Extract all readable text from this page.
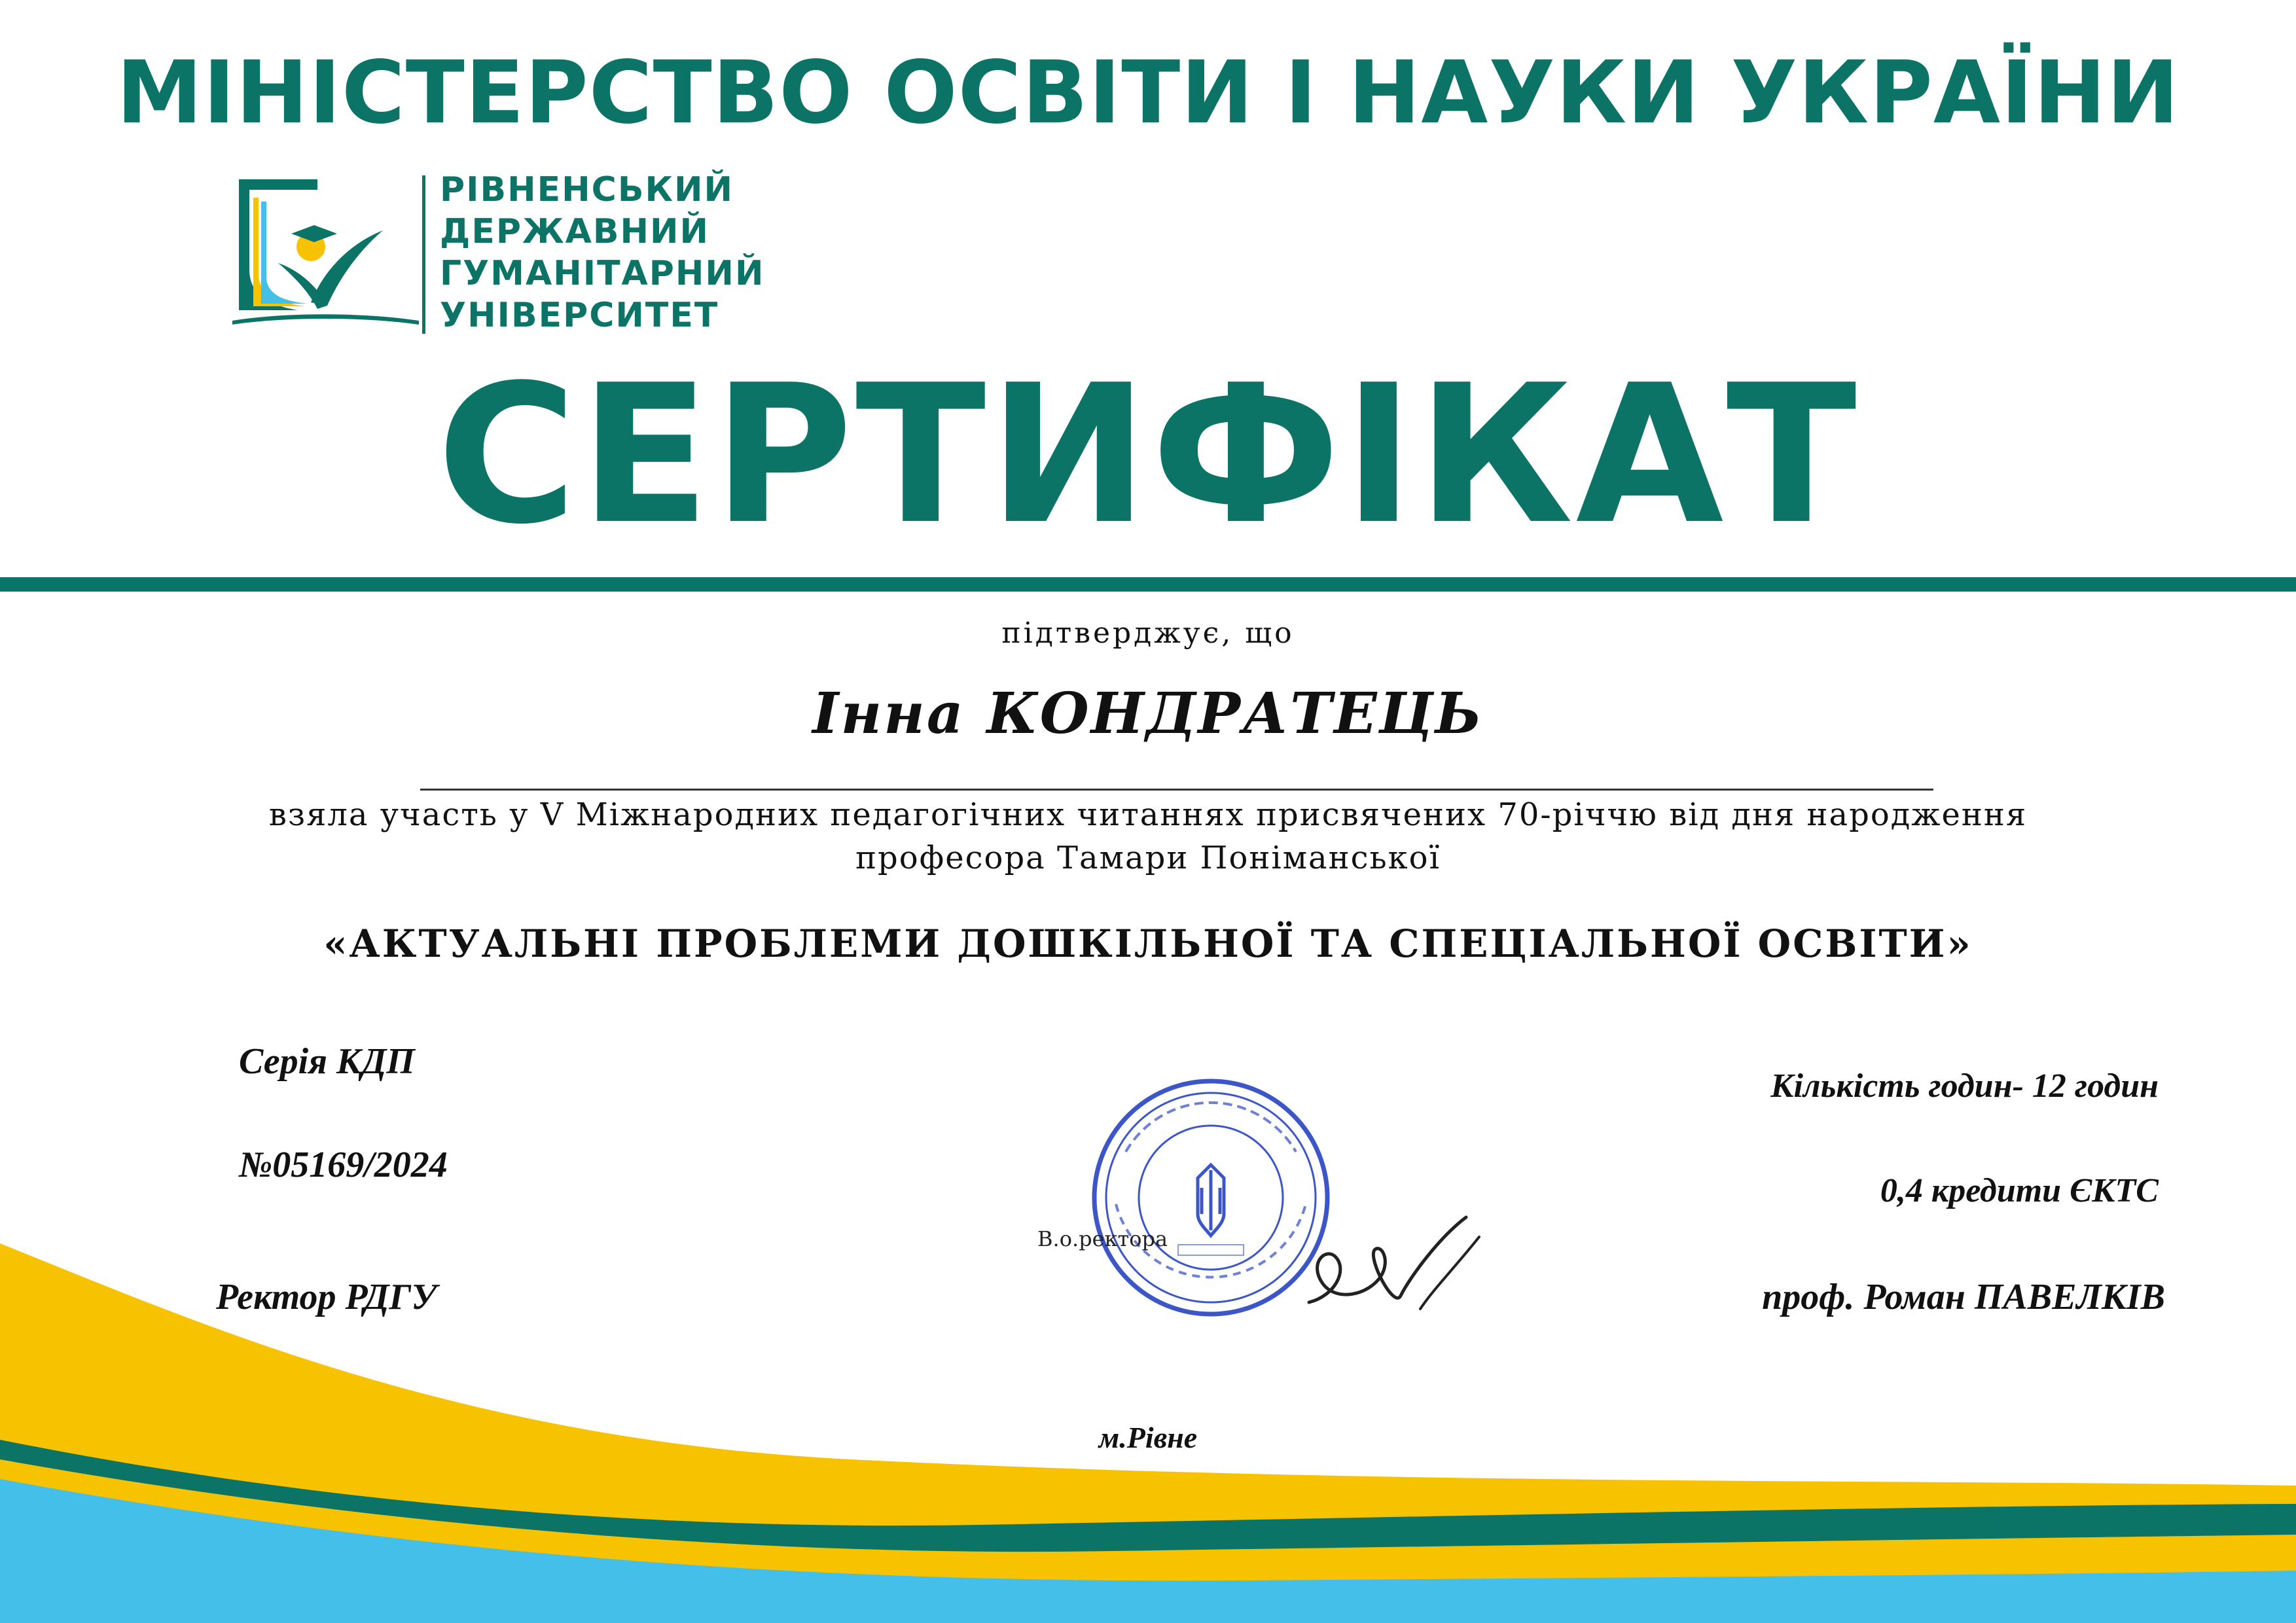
МІНІСТЕРСТВО ОСВІТИ І НАУКИ УКРАЇНИ
РІВНЕНСЬКИЙ
ДЕРЖАВНИЙ
ГУМАНІТАРНИЙ
УНІВЕРСИТЕТ
СЕРТИФІКАТ
підтверджує, що
Інна КОНДРАТЕЦЬ
взяла участь у V Міжнародних педагогічних читаннях присвячених 70-річчю від дня народження
професора Тамари Поніманської
«АКТУАЛЬНІ ПРОБЛЕМИ ДОШКІЛЬНОЇ ТА СПЕЦІАЛЬНОЇ ОСВІТИ»
Серія КДП
№05169/2024
Кількість годин- 12 годин
0,4 кредити ЄКТС
В.о.ректора
Ректор РДГУ	проф. Роман ПАВЕЛКІВ
м.Рівне
